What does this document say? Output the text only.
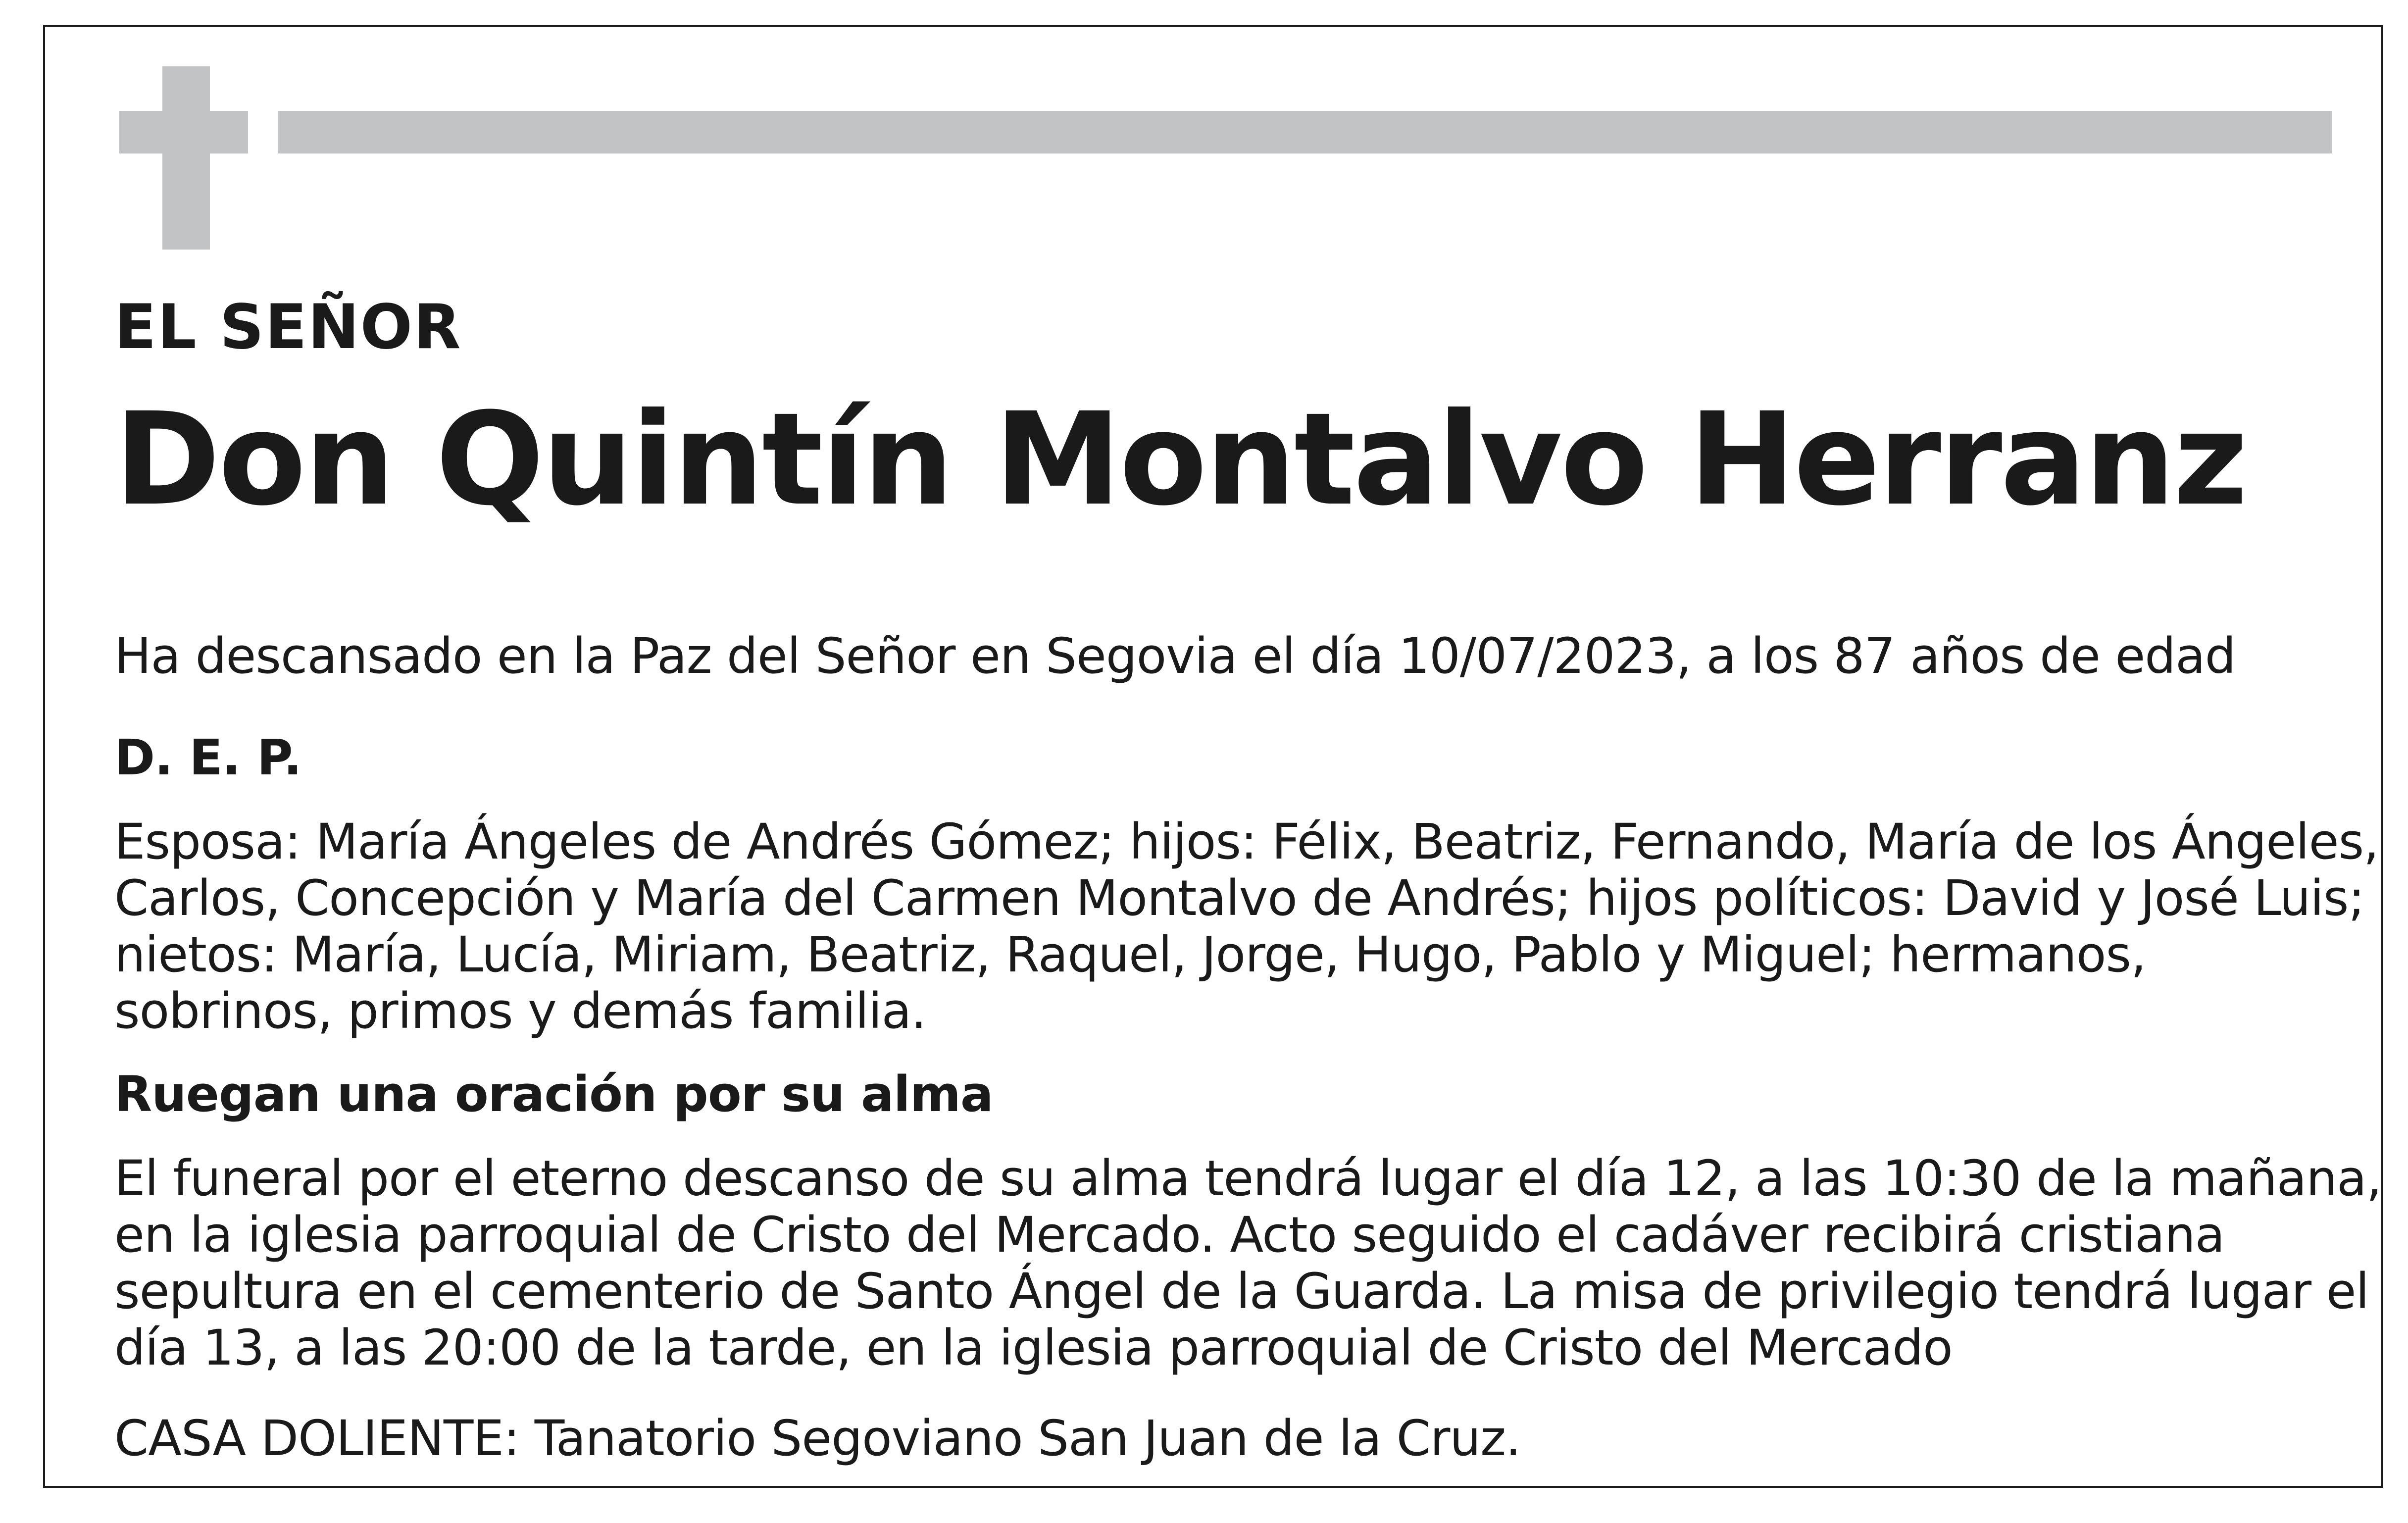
EL SEÑOR

Don Quintín Montalvo Herranz

Ha descansado en la Paz del Señor en Segovia el día 10/07/2023, a los 87 años de edad

D. E. P.

Esposa: María Ángeles de Andrés Gómez; hijos: Félix, Beatriz, Fernando, María de los Ángeles,
Carlos, Concepción y María del Carmen Montalvo de Andrés; hijos políticos: David y José Luis;
nietos: María, Lucía, Miriam, Beatriz, Raquel, Jorge, Hugo, Pablo y Miguel; hermanos,
sobrinos, primos y demás familia.

Ruegan una oración por su alma

El funeral por el eterno descanso de su alma tendrá lugar el día 12, a las 10:30 de la mañana,
en la iglesia parroquial de Cristo del Mercado. Acto seguido el cadáver recibirá cristiana
sepultura en el cementerio de Santo Ángel de la Guarda. La misa de privilegio tendrá lugar el
día 13, a las 20:00 de la tarde, en la iglesia parroquial de Cristo del Mercado

CASA DOLIENTE: Tanatorio Segoviano San Juan de la Cruz.
